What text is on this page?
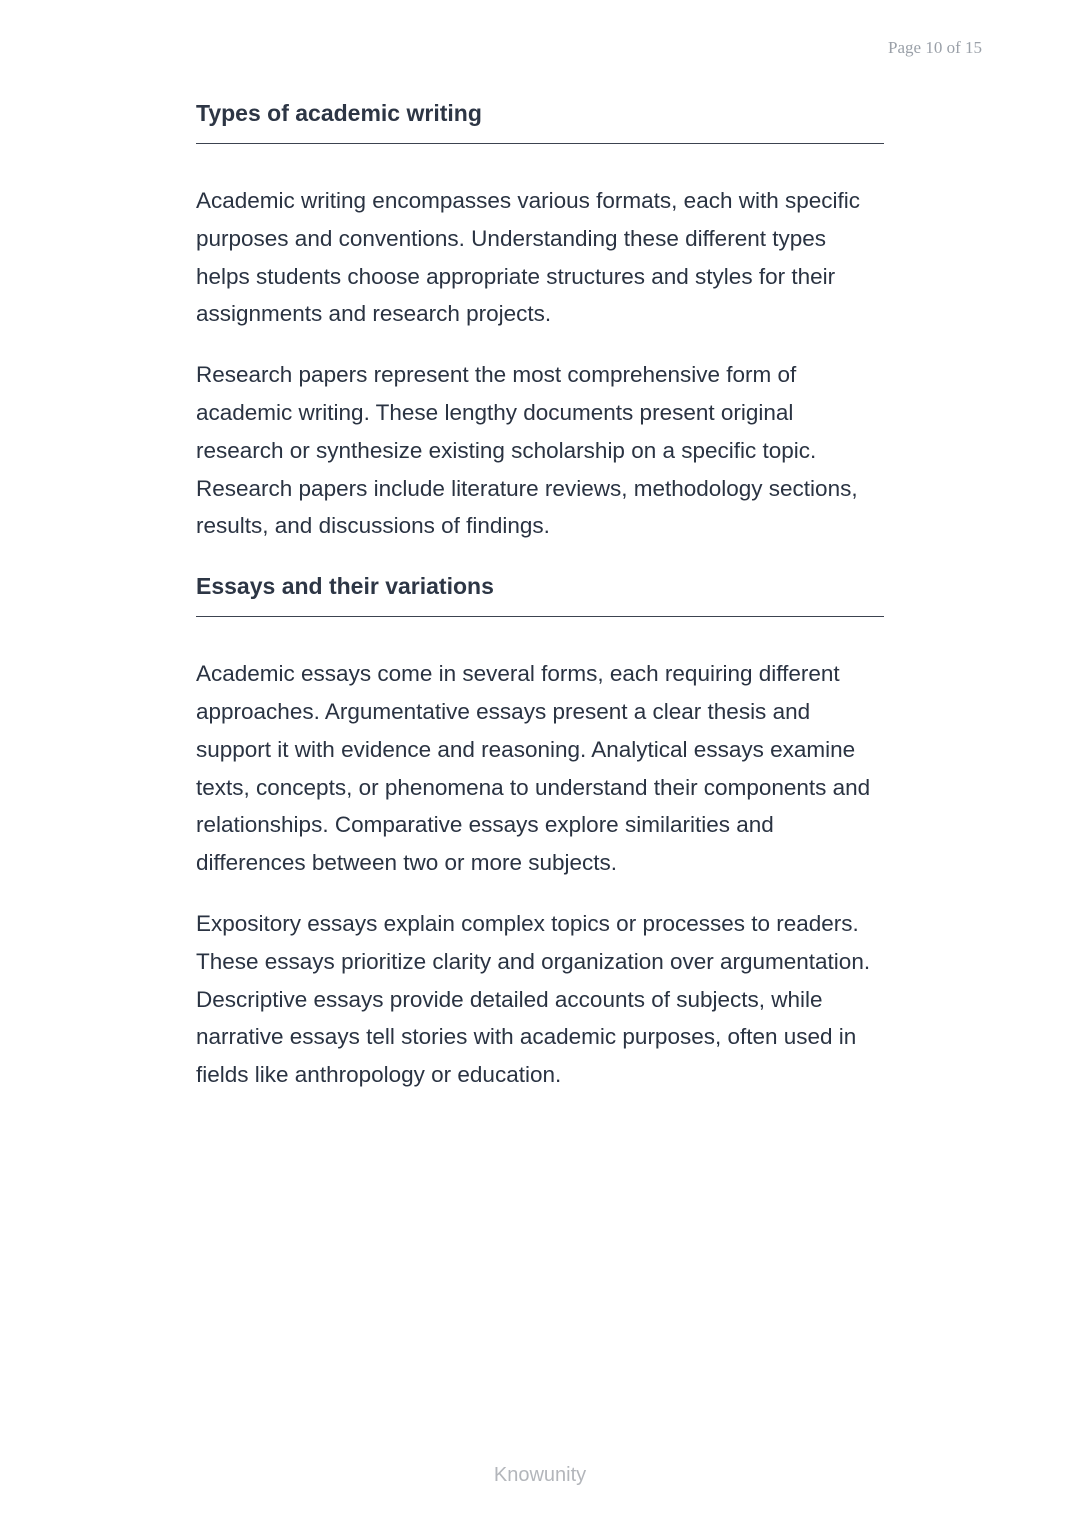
Page 10 of 15
Types of academic writing

Academic writing encompasses various formats, each with specific purposes and conventions. Understanding these different types helps students choose appropriate structures and styles for their assignments and research projects.

Research papers represent the most comprehensive form of academic writing. These lengthy documents present original research or synthesize existing scholarship on a specific topic. Research papers include literature reviews, methodology sections, results, and discussions of findings.

Essays and their variations

Academic essays come in several forms, each requiring different approaches. Argumentative essays present a clear thesis and support it with evidence and reasoning. Analytical essays examine texts, concepts, or phenomena to understand their components and relationships. Comparative essays explore similarities and differences between two or more subjects.

Expository essays explain complex topics or processes to readers. These essays prioritize clarity and organization over argumentation. Descriptive essays provide detailed accounts of subjects, while narrative essays tell stories with academic purposes, often used in fields like anthropology or education.

Knowunity
